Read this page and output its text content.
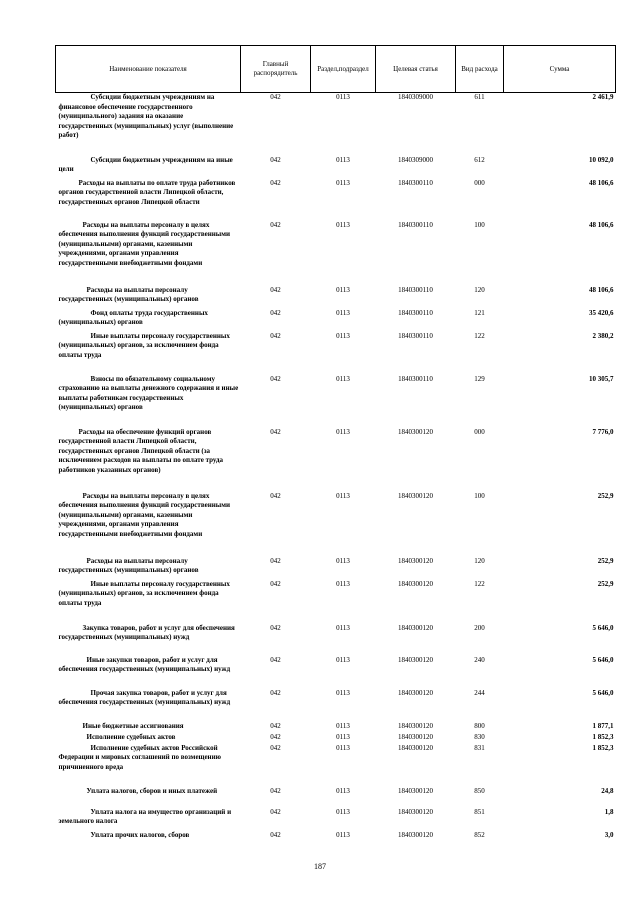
Наименование показателя	Главный распорядитель	Раздел,подраздел	Целевая статья	Вид расхода	Сумма
Субсидии бюджетным учреждениям на финансовое обеспечение государственного (муниципального) задания на оказание государственных (муниципальных) услуг (выполнение работ)	042	0113	1840309000	611	2 461,9
Субсидии бюджетным учреждениям на иные цели	042	0113	1840309000	612	10 092,0
Расходы на выплаты по оплате труда работников органов государственной власти Липецкой области, государственных органов Липецкой области	042	0113	1840300110	000	48 106,6
Расходы на выплаты персоналу в целях обеспечения выполнения функций государственными (муниципальными) органами, казенными учреждениями, органами управления государственными внебюджетными фондами	042	0113	1840300110	100	48 106,6
Расходы на выплаты персоналу государственных (муниципальных) органов	042	0113	1840300110	120	48 106,6
Фонд оплаты труда государственных (муниципальных) органов	042	0113	1840300110	121	35 420,6
Иные выплаты персоналу государственных (муниципальных) органов, за исключением фонда оплаты труда	042	0113	1840300110	122	2 380,2
Взносы по обязательному социальному страхованию на выплаты денежного содержания и иные выплаты работникам государственных (муниципальных) органов	042	0113	1840300110	129	10 305,7
Расходы на обеспечение функций органов государственной власти Липецкой области, государственных органов Липецкой области (за исключением расходов на выплаты по оплате труда работников указанных органов)	042	0113	1840300120	000	7 776,0
Расходы на выплаты персоналу в целях обеспечения выполнения функций государственными (муниципальными) органами, казенными учреждениями, органами управления государственными внебюджетными фондами	042	0113	1840300120	100	252,9
Расходы на выплаты персоналу государственных (муниципальных) органов	042	0113	1840300120	120	252,9
Иные выплаты персоналу государственных (муниципальных) органов, за исключением фонда оплаты труда	042	0113	1840300120	122	252,9
Закупка товаров, работ и услуг для обеспечения государственных (муниципальных) нужд	042	0113	1840300120	200	5 646,0
Иные закупки товаров, работ и услуг для обеспечения государственных (муниципальных) нужд	042	0113	1840300120	240	5 646,0
Прочая закупка товаров, работ и услуг для обеспечения государственных (муниципальных) нужд	042	0113	1840300120	244	5 646,0
Иные бюджетные ассигнования	042	0113	1840300120	800	1 877,1
Исполнение судебных актов	042	0113	1840300120	830	1 852,3
Исполнение судебных актов Российской Федерации и мировых соглашений по возмещению причиненного вреда	042	0113	1840300120	831	1 852,3
Уплата налогов, сборов и иных платежей	042	0113	1840300120	850	24,8
Уплата налога на имущество организаций и земельного налога	042	0113	1840300120	851	1,8
Уплата прочих налогов, сборов	042	0113	1840300120	852	3,0
187
